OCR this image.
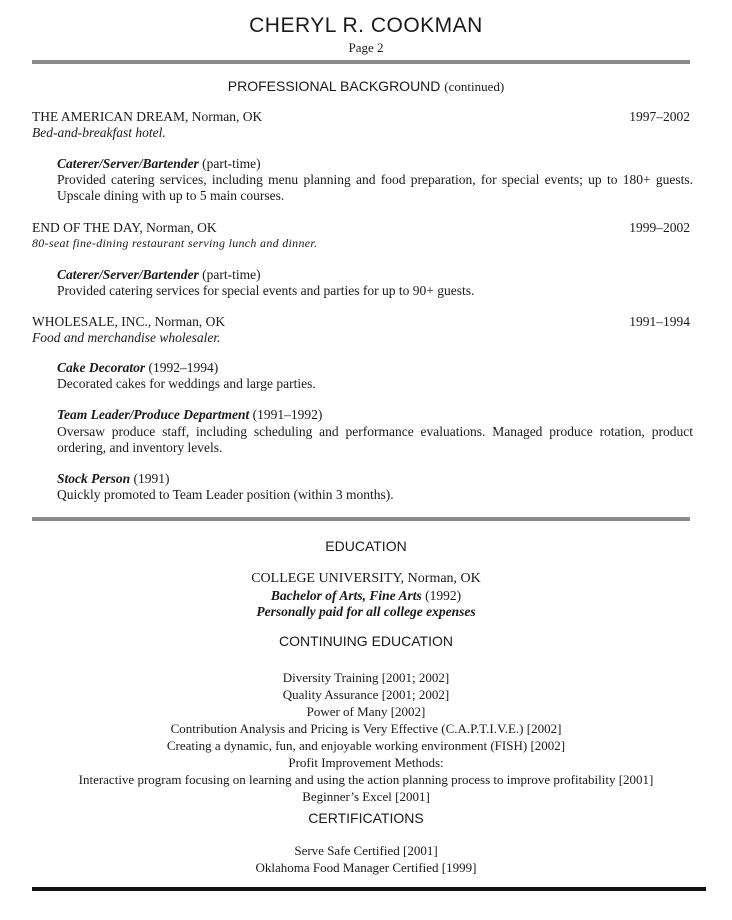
CHERYL R. COOKMAN
Page 2
PROFESSIONAL BACKGROUND (continued)
THE AMERICAN DREAM, Norman, OK	1997–2002
Bed-and-breakfast hotel.
Caterer/Server/Bartender (part-time)
Provided catering services, including menu planning and food preparation, for special events; up to 180+ guests. Upscale dining with up to 5 main courses.
END OF THE DAY, Norman, OK	1999–2002
80-seat fine-dining restaurant serving lunch and dinner.
Caterer/Server/Bartender (part-time)
Provided catering services for special events and parties for up to 90+ guests.
WHOLESALE, INC., Norman, OK	1991–1994
Food and merchandise wholesaler.
Cake Decorator (1992–1994)
Decorated cakes for weddings and large parties.
Team Leader/Produce Department (1991–1992)
Oversaw produce staff, including scheduling and performance evaluations. Managed produce rotation, product ordering, and inventory levels.
Stock Person (1991)
Quickly promoted to Team Leader position (within 3 months).
EDUCATION
COLLEGE UNIVERSITY, Norman, OK
Bachelor of Arts, Fine Arts (1992)
Personally paid for all college expenses
CONTINUING EDUCATION
Diversity Training [2001; 2002]
Quality Assurance [2001; 2002]
Power of Many [2002]
Contribution Analysis and Pricing is Very Effective (C.A.P.T.I.V.E.) [2002]
Creating a dynamic, fun, and enjoyable working environment (FISH) [2002]
Profit Improvement Methods:
Interactive program focusing on learning and using the action planning process to improve profitability [2001]
Beginner’s Excel [2001]
CERTIFICATIONS
Serve Safe Certified [2001]
Oklahoma Food Manager Certified [1999]
